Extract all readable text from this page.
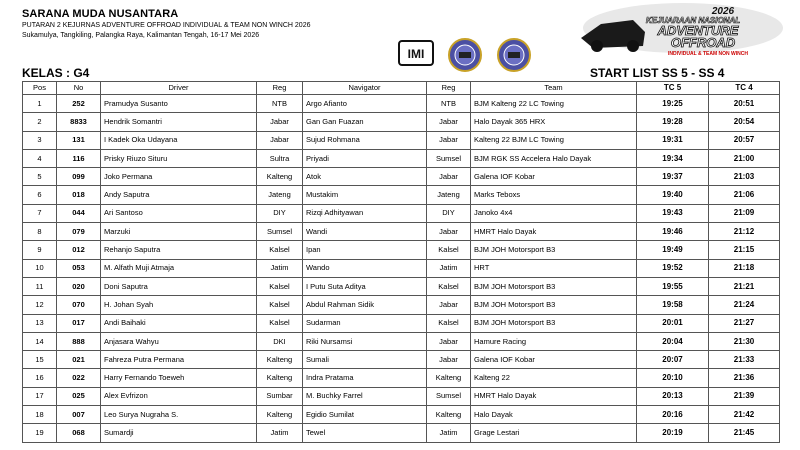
SARANA MUDA NUSANTARA
PUTARAN 2 KEJURNAS ADVENTURE OFFROAD INDIVIDUAL & TEAM NON WINCH 2026
Sukamulya, Tangkiling, Palangka Raya, Kalimantan Tengah, 16-17 Mei 2026
2026
KEJUARAAN NASIONAL
ADVENTURE
OFFROAD
INDIVIDUAL & TEAM NON WINCH
IMI
KELAS : G4	START LIST SS 5 - SS 4
Pos	No	Driver	Reg	Navigator	Reg	Team	TC 5	TC 4
1	252	Pramudya Susanto	NTB	Argo Afianto	NTB	BJM Kalteng 22 LC Towing	19:25	20:51
2	8833	Hendrik Somantri	Jabar	Gan Gan Fuazan	Jabar	Halo Dayak 365 HRX	19:28	20:54
3	131	I Kadek Oka Udayana	Jabar	Sujud Rohmana	Jabar	Kalteng 22 BJM LC Towing	19:31	20:57
4	116	Prisky Riuzo Situru	Sultra	Priyadi	Sumsel	BJM RGK SS Accelera Halo Dayak	19:34	21:00
5	099	Joko Permana	Kalteng	Atok	Jabar	Galena IOF Kobar	19:37	21:03
6	018	Andy Saputra	Jateng	Mustakim	Jateng	Marks Teboxs	19:40	21:06
7	044	Ari Santoso	DIY	Rizqi Adhityawan	DIY	Janoko 4x4	19:43	21:09
8	079	Marzuki	Sumsel	Wandi	Jabar	HMRT Halo Dayak	19:46	21:12
9	012	Rehanjo Saputra	Kalsel	Ipan	Kalsel	BJM JOH Motorsport B3	19:49	21:15
10	053	M. Alfath Muji Atmaja	Jatim	Wando	Jatim	HRT	19:52	21:18
11	020	Doni Saputra	Kalsel	I Putu Suta Aditya	Kalsel	BJM JOH Motorsport B3	19:55	21:21
12	070	H. Johan Syah	Kalsel	Abdul Rahman Sidik	Jabar	BJM JOH Motorsport B3	19:58	21:24
13	017	Andi Baihaki	Kalsel	Sudarman	Kalsel	BJM JOH Motorsport B3	20:01	21:27
14	888	Anjasara Wahyu	DKI	Riki Nursamsi	Jabar	Hamure Racing	20:04	21:30
15	021	Fahreza Putra Permana	Kalteng	Sumali	Jabar	Galena IOF Kobar	20:07	21:33
16	022	Harry Fernando Toeweh	Kalteng	Indra Pratama	Kalteng	Kalteng 22	20:10	21:36
17	025	Alex Evfrizon	Sumbar	M. Buchky Farrel	Sumsel	HMRT Halo Dayak	20:13	21:39
18	007	Leo Surya Nugraha S.	Kalteng	Egidio Sumilat	Kalteng	Halo Dayak	20:16	21:42
19	068	Sumardji	Jatim	Tewel	Jatim	Grage Lestari	20:19	21:45
